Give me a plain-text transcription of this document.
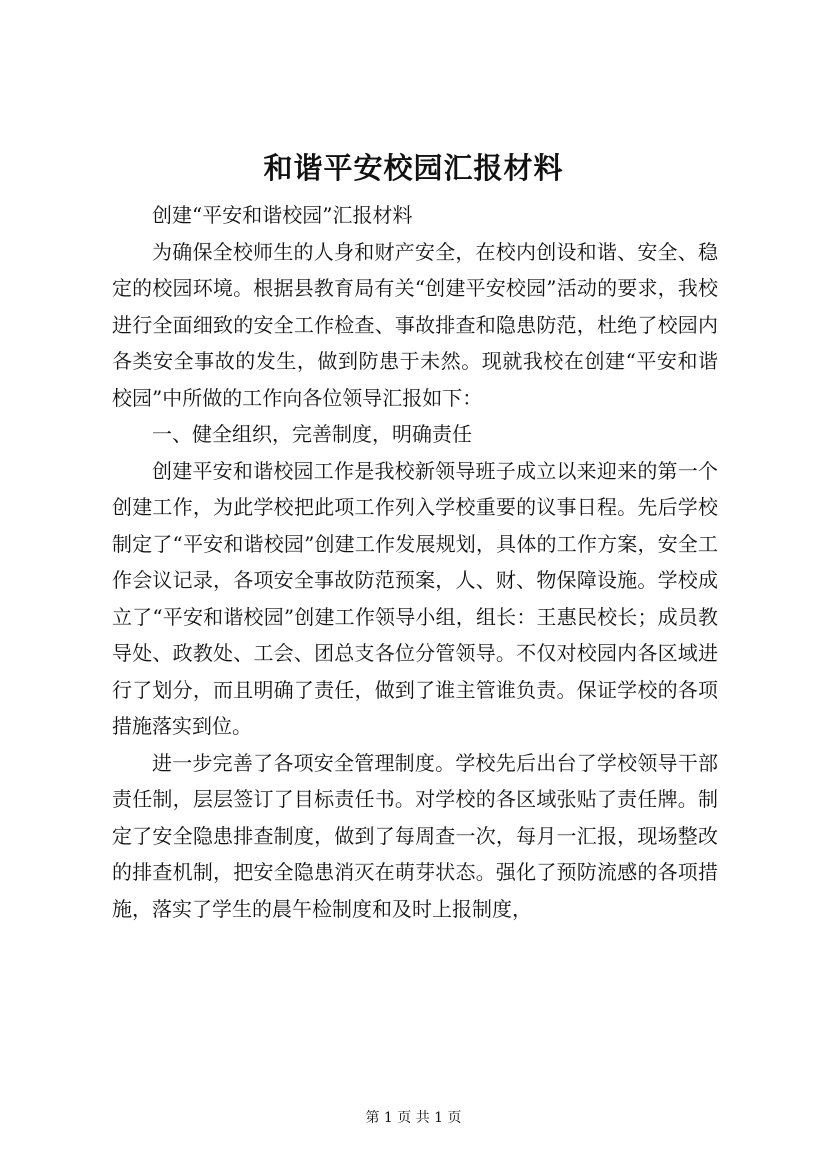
和谐平安校园汇报材料

创建“平安和谐校园”汇报材料

为确保全校师生的人身和财产安全，在校内创设和谐、安全、稳定的校园环境。根据县教育局有关“创建平安校园”活动的要求，我校进行全面细致的安全工作检查、事故排查和隐患防范，杜绝了校园内各类安全事故的发生，做到防患于未然。现就我校在创建“平安和谐校园”中所做的工作向各位领导汇报如下：

一、健全组织，完善制度，明确责任

创建平安和谐校园工作是我校新领导班子成立以来迎来的第一个创建工作，为此学校把此项工作列入学校重要的议事日程。先后学校制定了“平安和谐校园”创建工作发展规划，具体的工作方案，安全工作会议记录，各项安全事故防范预案，人、财、物保障设施。学校成立了“平安和谐校园”创建工作领导小组，组长：王惠民校长；成员教导处、政教处、工会、团总支各位分管领导。不仅对校园内各区域进行了划分，而且明确了责任，做到了谁主管谁负责。保证学校的各项措施落实到位。

进一步完善了各项安全管理制度。学校先后出台了学校领导干部责任制，层层签订了目标责任书。对学校的各区域张贴了责任牌。制定了安全隐患排查制度，做到了每周查一次，每月一汇报，现场整改的排查机制，把安全隐患消灭在萌芽状态。强化了预防流感的各项措施，落实了学生的晨午检制度和及时上报制度，

第 1 页 共 1 页
